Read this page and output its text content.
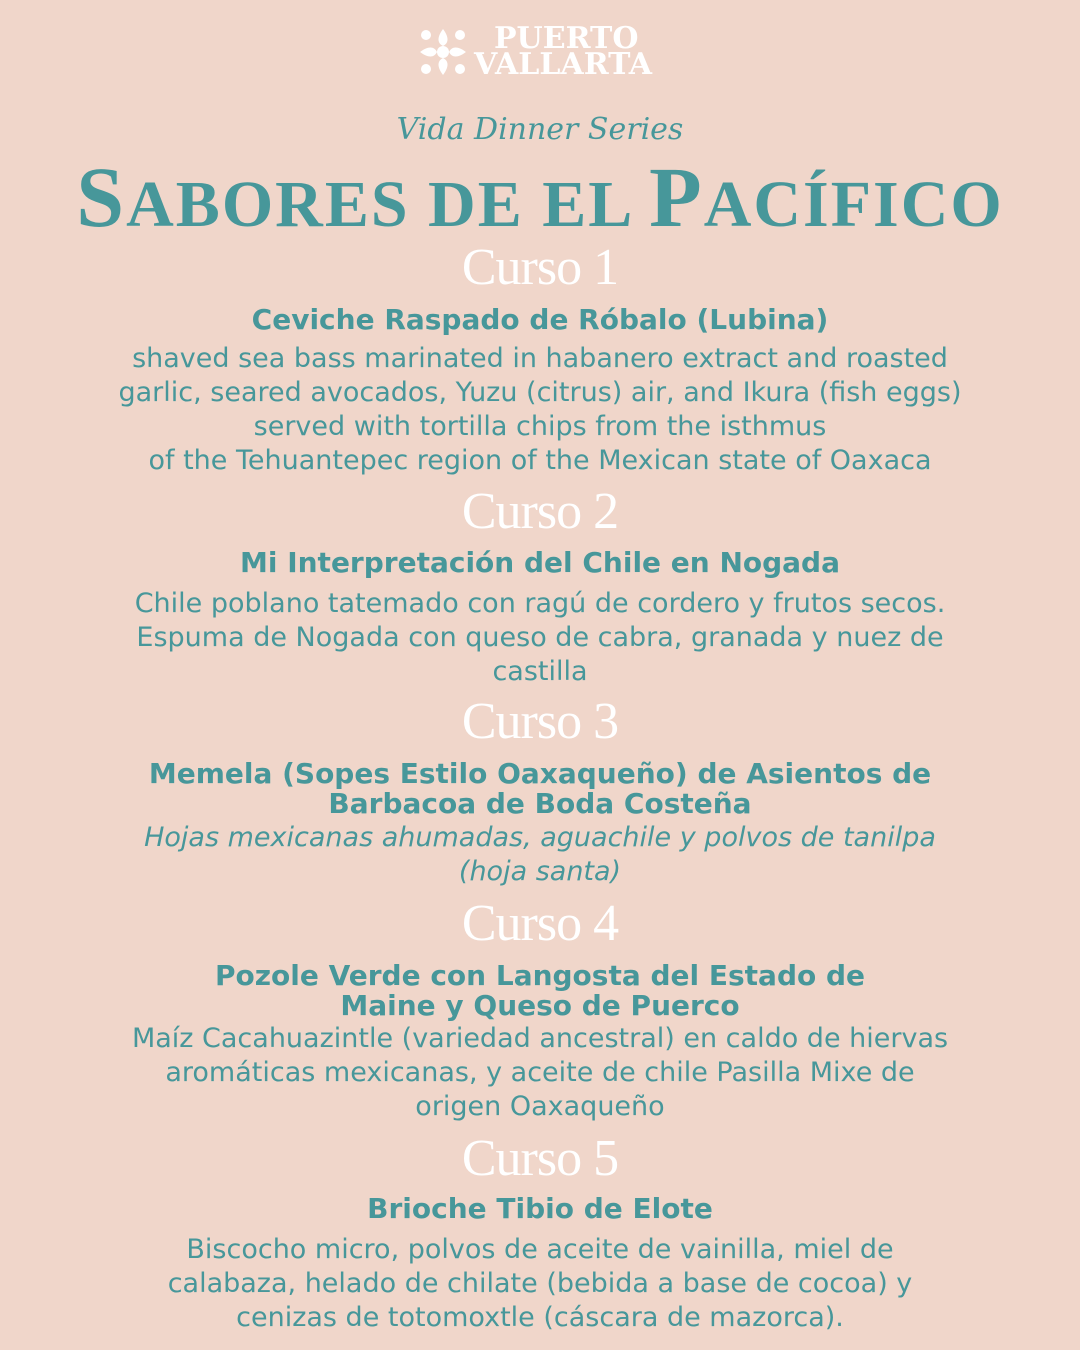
PUERTO
VALLARTA
Vida Dinner Series
SABORES DE EL PACÍFICO
Curso 1
Ceviche Raspado de Róbalo (Lubina)
shaved sea bass marinated in habanero extract and roasted
garlic, seared avocados, Yuzu (citrus) air, and Ikura (fish eggs)
served with tortilla chips from the isthmus
of the Tehuantepec region of the Mexican state of Oaxaca
Curso 2
Mi Interpretación del Chile en Nogada
Chile poblano tatemado con ragú de cordero y frutos secos.
Espuma de Nogada con queso de cabra, granada y nuez de
castilla
Curso 3
Memela (Sopes Estilo Oaxaqueño) de Asientos de
Barbacoa de Boda Costeña
Hojas mexicanas ahumadas, aguachile y polvos de tanilpa
(hoja santa)
Curso 4
Pozole Verde con Langosta del Estado de
Maine y Queso de Puerco
Maíz Cacahuazintle (variedad ancestral) en caldo de hiervas
aromáticas mexicanas, y aceite de chile Pasilla Mixe de
origen Oaxaqueño
Curso 5
Brioche Tibio de Elote
Biscocho micro, polvos de aceite de vainilla, miel de
calabaza, helado de chilate (bebida a base de cocoa) y
cenizas de totomoxtle (cáscara de mazorca).
